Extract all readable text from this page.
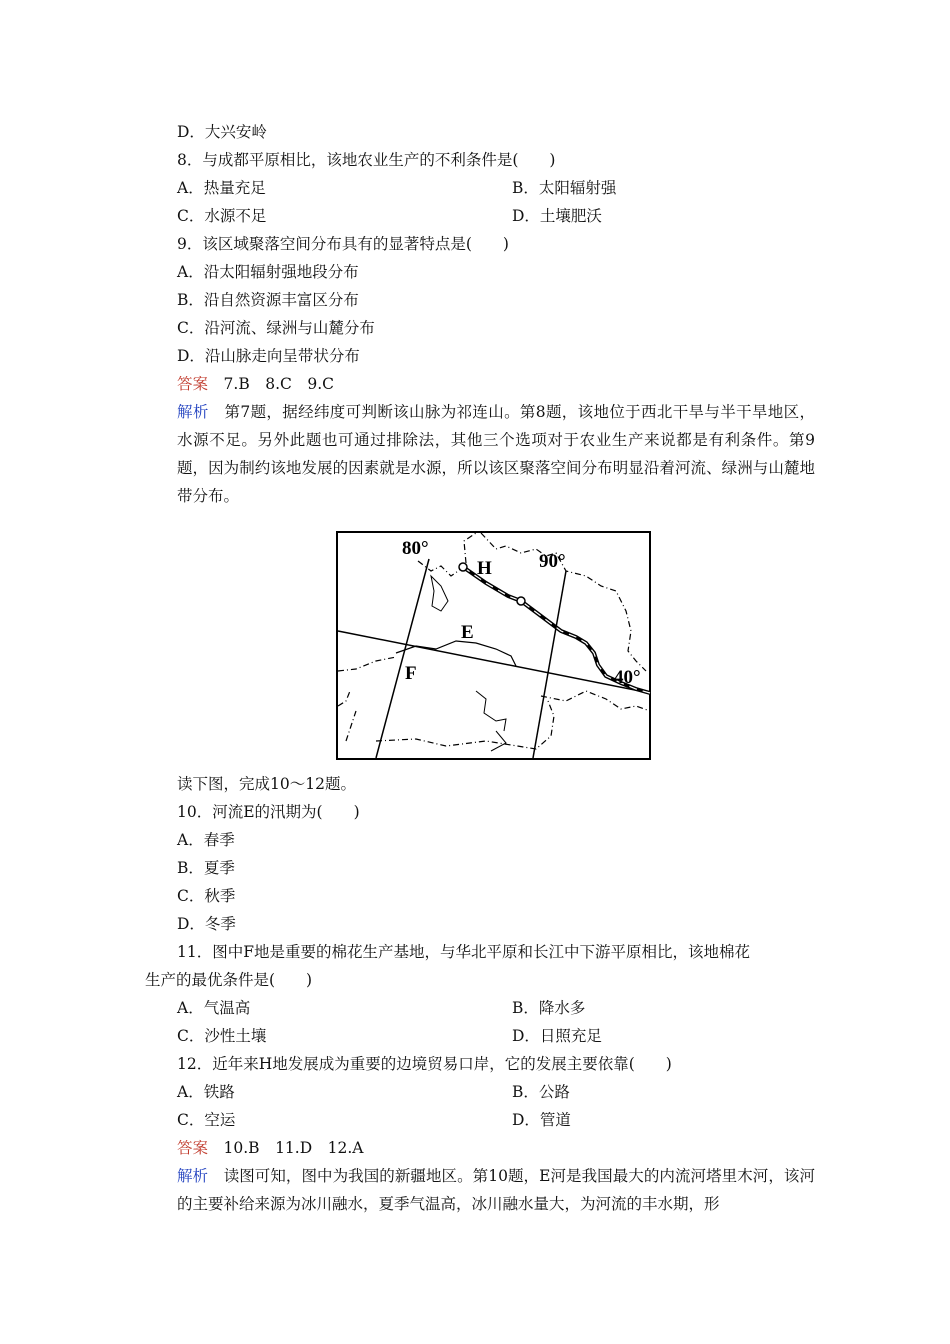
D．大兴安岭
8．与成都平原相比，该地农业生产的不利条件是(　　)
A．热量充足	B．太阳辐射强
C．水源不足	D．土壤肥沃
9．该区域聚落空间分布具有的显著特点是(　　)
A．沿太阳辐射强地段分布
B．沿自然资源丰富区分布
C．沿河流、绿洲与山麓分布
D．沿山脉走向呈带状分布
答案　 7.B　8.C　9.C
解析　 第7题，据经纬度可判断该山脉为祁连山。第8题，该地位于西北干旱与半干旱地区，水源不足。另外此题也可通过排除法，其他三个选项对于农业生产来说都是有利条件。第9题，因为制约该地发展的因素就是水源，所以该区聚落空间分布明显沿着河流、绿洲与山麓地带分布。
80°
90°
40°
H
E
F
读下图，完成10～12题。
10．河流E的汛期为(　　)
A．春季
B．夏季
C．秋季
D．冬季
11．图中F地是重要的棉花生产基地，与华北平原和长江中下游平原相比，该地棉花
生产的最优条件是(　　)
A．气温高	B．降水多
C．沙性土壤	D．日照充足
12．近年来H地发展成为重要的边境贸易口岸，它的发展主要依靠(　　)
A．铁路	B．公路
C．空运	D．管道
答案　 10.B　11.D　12.A
解析　 读图可知，图中为我国的新疆地区。第10题，E河是我国最大的内流河塔里木河，该河的主要补给来源为冰川融水，夏季气温高，冰川融水量大，为河流的丰水期，形
